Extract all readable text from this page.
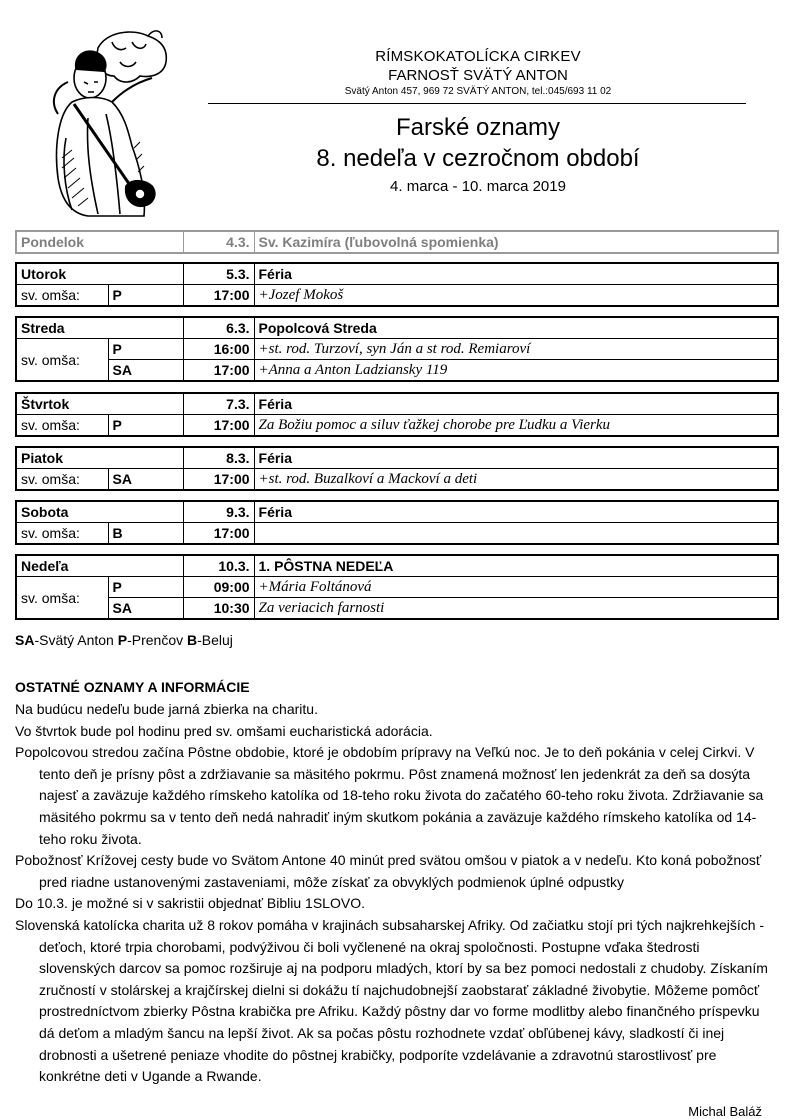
RÍMSKOKATOLÍCKA CIRKEV
FARNOSŤ SVÄTÝ ANTON
Svätý Anton 457, 969 72 SVÄTÝ ANTON, tel.:045/693 11 02
Farské oznamy
8. nedeľa v cezročnom období
4. marca - 10. marca 2019
Pondelok	4.3.	Sv. Kazimíra (ľubovolná spomienka)
Utorok		5.3.	Féria
sv. omša:	P	17:00	+Jozef Mokoš
Streda		6.3.	Popolcová Streda
sv. omša:	P	16:00	+st. rod. Turzoví, syn Ján a st rod. Remiaroví
	SA	17:00	+Anna a Anton Ladziansky 119
Štvrtok		7.3.	Féria
sv. omša:	P	17:00	Za Božiu pomoc a siluv ťažkej chorobe pre Ľudku a Vierku
Piatok		8.3.	Féria
sv. omša:	SA	17:00	+st. rod. Buzalkoví a Mackoví a deti
Sobota		9.3.	Féria
sv. omša:	B	17:00	
Nedeľa		10.3.	1. PÔSTNA NEDEĽA
sv. omša:	P	09:00	+Mária Foltánová
	SA	10:30	Za veriacich farnosti
SA-Svätý Anton P-Prenčov B-Beluj
OSTATNÉ OZNAMY A INFORMÁCIE

Na budúcu nedeľu bude jarná zbierka na charitu.

Vo štvrtok bude pol hodinu pred sv. omšami eucharistická adorácia.

Popolcovou stredou začína Pôstne obdobie, ktoré je obdobím prípravy na Veľkú noc. Je to deň pokánia v celej Cirkvi. V tento deň je prísny pôst a zdržiavanie sa mäsitého pokrmu. Pôst znamená možnosť len jedenkrát za deň sa dosýta najesť a zaväzuje každého rímskeho katolíka od 18-teho roku života do začatého 60-teho roku života. Zdržiavanie sa mäsitého pokrmu sa v tento deň nedá nahradiť iným skutkom pokánia a zaväzuje každého rímskeho katolíka od 14-teho roku života.

Pobožnosť Krížovej cesty bude vo Svätom Antone 40 minút pred svätou omšou v piatok a v nedeľu. Kto koná pobožnosť pred riadne ustanovenými zastaveniami, môže získať za obvyklých podmienok úplné odpustky

Do 10.3. je možné si v sakristii objednať Bibliu 1SLOVO.

Slovenská katolícka charita už 8 rokov pomáha v krajinách subsaharskej Afriky. Od začiatku stojí pri tých najkrehkejších - deťoch, ktoré trpia chorobami, podvýživou či boli vyčlenené na okraj spoločnosti. Postupne vďaka štedrosti slovenských darcov sa pomoc rozširuje aj na podporu mladých, ktorí by sa bez pomoci nedostali z chudoby. Získaním zručností v stolárskej a krajčírskej dielni si dokážu tí najchudobnejší zaobstarať základné živobytie. Môžeme pomôcť prostredníctvom zbierky Pôstna krabička pre Afriku. Každý pôstny dar vo forme modlitby alebo finančného príspevku dá deťom a mladým šancu na lepší život. Ak sa počas pôstu rozhodnete vzdať obľúbenej kávy, sladkostí či inej drobnosti a ušetrené peniaze vhodite do pôstnej krabičky, podporíte vzdelávanie a zdravotnú starostlivosť pre konkrétne deti v Ugande a Rwande.

Michal Baláž
